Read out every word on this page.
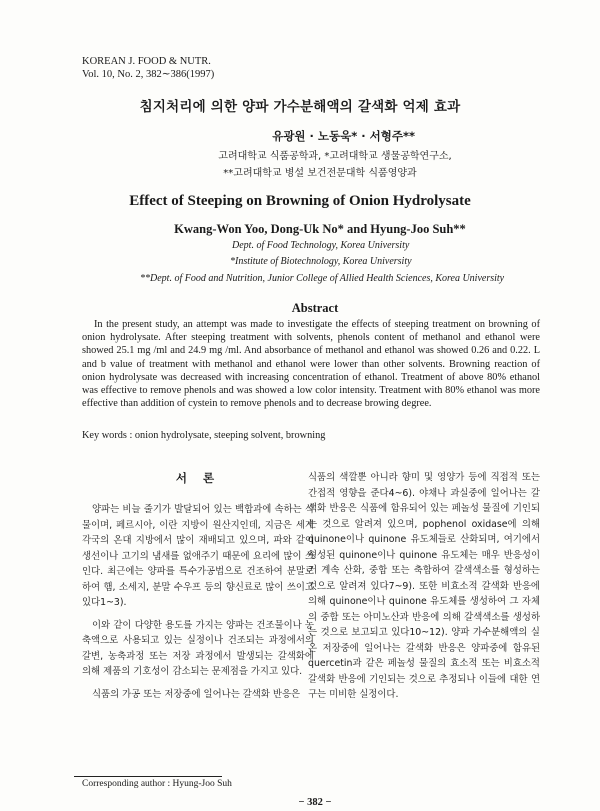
KOREAN J. FOOD & NUTR.
Vol. 10, No. 2, 382∼386(1997)
침지처리에 의한 양파 가수분해액의 갈색화 억제 효과
유광원 · 노동욱* · 서형주**
고려대학교 식품공학과, *고려대학교 생물공학연구소,
**고려대학교 병설 보건전문대학 식품영양과
Effect of Steeping on Browning of Onion Hydrolysate
Kwang-Won Yoo, Dong-Uk No* and Hyung-Joo Suh**
Dept. of Food Technology, Korea University
*Institute of Biotechnology, Korea University
**Dept. of Food and Nutrition, Junior College of Allied Health Sciences, Korea University
Abstract

In the present study, an attempt was made to investigate the effects of steeping treatment on browning of onion hydrolysate. After steeping treatment with solvents, phenols content of methanol and ethanol were showed 25.1 mg /ml and 24.9 mg /ml. And absorbance of methanol and ethanol was showed 0.26 and 0.22. L and b value of treatment with methanol and ethanol were lower than other solvents. Browning reaction of onion hydrolysate was decreased with increasing concentration of ethanol. Treatment of above 80% ethanol was effective to remove phenols and was showed a low color intensity. Treatment with 80% ethanol was more effective than addition of cystein to remove phenols and to decrease browing degree.

Key words : onion hydrolysate, steeping solvent, browning
서 론

양파는 비늘 줄기가 발달되어 있는 백합과에 속하는 식물이며, 페르시아, 이란 지방이 원산지인데, 지금은 세계 각국의 온대 지방에서 많이 재배되고 있으며, 파와 같이 생선이나 고기의 냄새를 없애주기 때문에 요리에 많이 쓰인다. 최근에는 양파를 특수가공법으로 건조하여 분말로 하여 햄, 소세지, 분말 수우프 등의 향신료로 많이 쓰이고 있다1~3).

이와 같이 다양한 용도를 가지는 양파는 건조물이나 농축액으로 사용되고 있는 실정이나 건조되는 과정에서의 갈변, 농축과정 또는 저장 과정에서 발생되는 갈색화에 의해 제품의 기호성이 감소되는 문제점을 가지고 있다.

식품의 가공 또는 저장중에 일어나는 갈색화 반응은

식품의 색깔뿐 아니라 향미 및 영양가 등에 직접적 또는 간접적 영향을 준다4~6). 야채나 과실중에 일어나는 갈색화 반응은 식품에 함유되어 있는 페놀성 물질에 기인되는 것으로 알려져 있으며, pophenol oxidase에 의해 quinone이나 quinone 유도체들로 산화되며, 여기에서 형성된 quinone이나 quinone 유도체는 매우 반응성이 커 계속 산화, 중합 또는 축합하여 갈색색소를 형성하는 것으로 알려져 있다7~9). 또한 비효소적 갈색화 반응에 의해 quinone이나 quinone 유도체를 생성하여 그 자체의 중합 또는 아미노산과 반응에 의해 갈색색소를 생성하는 것으로 보고되고 있다10~12). 양파 가수분해액의 실온 저장중에 일어나는 갈색화 반응은 양파중에 함유된 quercetin과 같은 페놀성 물질의 효소적 또는 비효소적 갈색화 반응에 기인되는 것으로 추정되나 이들에 대한 연구는 미비한 실정이다.

Corresponding author : Hyung-Joo Suh
− 382 −
